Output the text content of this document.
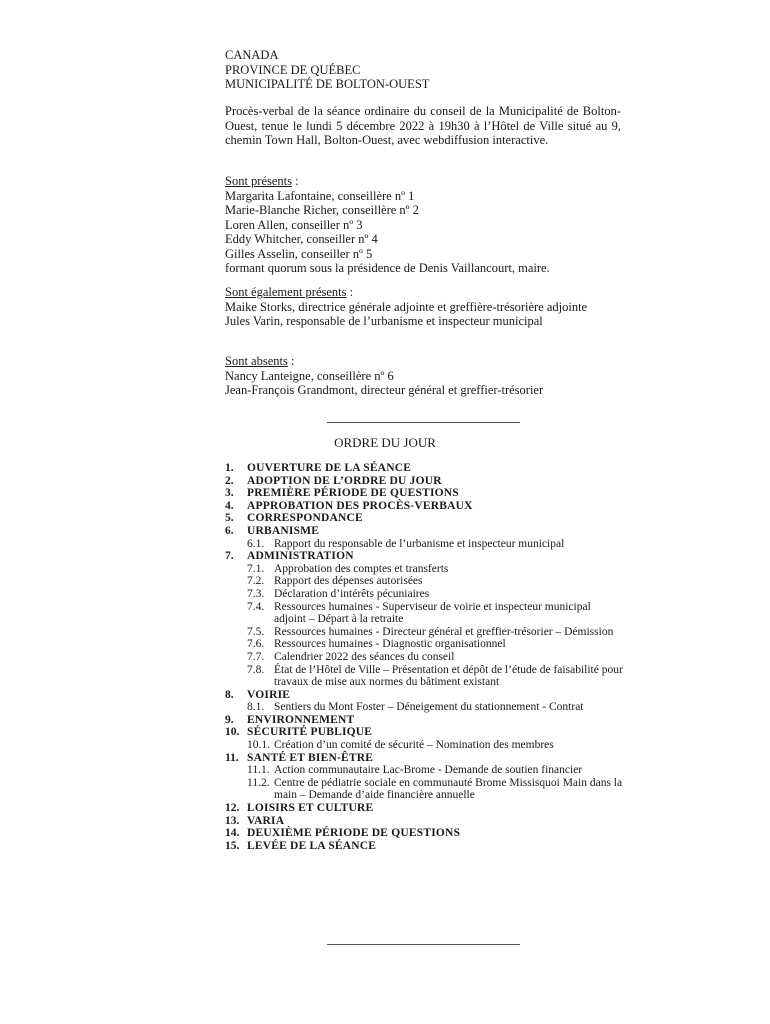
CANADA
PROVINCE DE QUÉBEC
MUNICIPALITÉ DE BOLTON-OUEST
Procès-verbal de la séance ordinaire du conseil de la Municipalité de Bolton-Ouest, tenue le lundi 5 décembre 2022 à 19h30 à l’Hôtel de Ville situé au 9, chemin Town Hall, Bolton-Ouest, avec webdiffusion interactive.
Sont présents :
Margarita Lafontaine, conseillère nº 1
Marie-Blanche Richer, conseillère nº 2
Loren Allen, conseiller nº 3
Eddy Whitcher, conseiller nº 4
Gilles Asselin, conseiller nº 5
formant quorum sous la présidence de Denis Vaillancourt, maire.
Sont également présents :
Maike Storks, directrice générale adjointe et greffière-trésorière adjointe
Jules Varin, responsable de l’urbanisme et inspecteur municipal
Sont absents :
Nancy Lanteigne, conseillère nº 6
Jean-François Grandmont, directeur général et greffier-trésorier
ORDRE DU JOUR
1.	OUVERTURE DE LA SÉANCE
2.	ADOPTION DE L’ORDRE DU JOUR
3.	PREMIÈRE PÉRIODE DE QUESTIONS
4.	APPROBATION DES PROCÈS-VERBAUX
5.	CORRESPONDANCE
6.	URBANISME
6.1. Rapport du responsable de l’urbanisme et inspecteur municipal
7.	ADMINISTRATION
7.1. Approbation des comptes et transferts
7.2. Rapport des dépenses autorisées
7.3. Déclaration d’intérêts pécuniaires
7.4. Ressources humaines - Superviseur de voirie et inspecteur municipal adjoint – Départ à la retraite
7.5. Ressources humaines - Directeur général et greffier-trésorier – Démission
7.6. Ressources humaines - Diagnostic organisationnel
7.7. Calendrier 2022 des séances du conseil
7.8. État de l’Hôtel de Ville – Présentation et dépôt de l’étude de faisabilité pour travaux de mise aux normes du bâtiment existant
8.	VOIRIE
8.1. Sentiers du Mont Foster – Déneigement du stationnement - Contrat
9.	ENVIRONNEMENT
10. SÉCURITÉ PUBLIQUE
10.1. Création d’un comité de sécurité – Nomination des membres
11. SANTÉ ET BIEN-ÊTRE
11.1. Action communautaire Lac-Brome - Demande de soutien financier
11.2. Centre de pédiatrie sociale en communauté Brome Missisquoi Main dans la main – Demande d’aide financière annuelle
12. LOISIRS ET CULTURE
13. VARIA
14. DEUXIÈME PÉRIODE DE QUESTIONS
15. LEVÉE DE LA SÉANCE
